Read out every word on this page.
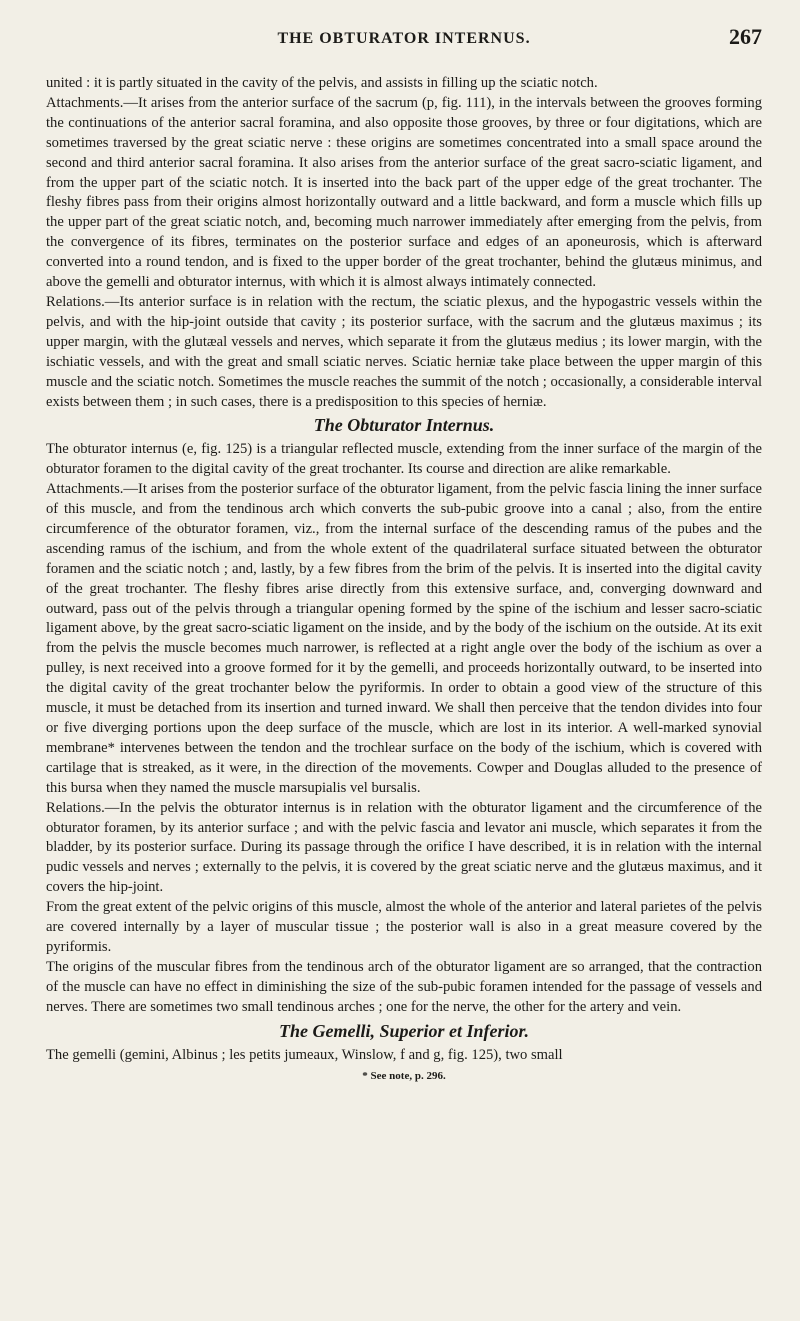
THE OBTURATOR INTERNUS.	267

united : it is partly situated in the cavity of the pelvis, and assists in filling up the sciatic notch.

Attachments.—It arises from the anterior surface of the sacrum (p, fig. 111), in the intervals between the grooves forming the continuations of the anterior sacral foramina, and also opposite those grooves, by three or four digitations, which are sometimes traversed by the great sciatic nerve : these origins are sometimes concentrated into a small space around the second and third anterior sacral foramina. It also arises from the anterior surface of the great sacro-sciatic ligament, and from the upper part of the sciatic notch. It is inserted into the back part of the upper edge of the great trochanter. The fleshy fibres pass from their origins almost horizontally outward and a little backward, and form a muscle which fills up the upper part of the great sciatic notch, and, becoming much narrower immediately after emerging from the pelvis, from the convergence of its fibres, terminates on the posterior surface and edges of an aponeurosis, which is afterward converted into a round tendon, and is fixed to the upper border of the great trochanter, behind the glutæus minimus, and above the gemelli and obturator internus, with which it is almost always intimately connected.

Relations.—Its anterior surface is in relation with the rectum, the sciatic plexus, and the hypogastric vessels within the pelvis, and with the hip-joint outside that cavity ; its posterior surface, with the sacrum and the glutæus maximus ; its upper margin, with the glutæal vessels and nerves, which separate it from the glutæus medius ; its lower margin, with the ischiatic vessels, and with the great and small sciatic nerves. Sciatic herniæ take place between the upper margin of this muscle and the sciatic notch. Sometimes the muscle reaches the summit of the notch ; occasionally, a considerable interval exists between them ; in such cases, there is a predisposition to this species of herniæ.

The Obturator Internus.

The obturator internus (e, fig. 125) is a triangular reflected muscle, extending from the inner surface of the margin of the obturator foramen to the digital cavity of the great trochanter. Its course and direction are alike remarkable.

Attachments.—It arises from the posterior surface of the obturator ligament, from the pelvic fascia lining the inner surface of this muscle, and from the tendinous arch which converts the sub-pubic groove into a canal ; also, from the entire circumference of the obturator foramen, viz., from the internal surface of the descending ramus of the pubes and the ascending ramus of the ischium, and from the whole extent of the quadrilateral surface situated between the obturator foramen and the sciatic notch ; and, lastly, by a few fibres from the brim of the pelvis. It is inserted into the digital cavity of the great trochanter. The fleshy fibres arise directly from this extensive surface, and, converging downward and outward, pass out of the pelvis through a triangular opening formed by the spine of the ischium and lesser sacro-sciatic ligament above, by the great sacro-sciatic ligament on the inside, and by the body of the ischium on the outside. At its exit from the pelvis the muscle becomes much narrower, is reflected at a right angle over the body of the ischium as over a pulley, is next received into a groove formed for it by the gemelli, and proceeds horizontally outward, to be inserted into the digital cavity of the great trochanter below the pyriformis. In order to obtain a good view of the structure of this muscle, it must be detached from its insertion and turned inward. We shall then perceive that the tendon divides into four or five diverging portions upon the deep surface of the muscle, which are lost in its interior. A well-marked synovial membrane* intervenes between the tendon and the trochlear surface on the body of the ischium, which is covered with cartilage that is streaked, as it were, in the direction of the movements. Cowper and Douglas alluded to the presence of this bursa when they named the muscle marsupialis vel bursalis.

Relations.—In the pelvis the obturator internus is in relation with the obturator ligament and the circumference of the obturator foramen, by its anterior surface ; and with the pelvic fascia and levator ani muscle, which separates it from the bladder, by its posterior surface. During its passage through the orifice I have described, it is in relation with the internal pudic vessels and nerves ; externally to the pelvis, it is covered by the great sciatic nerve and the glutæus maximus, and it covers the hip-joint.

From the great extent of the pelvic origins of this muscle, almost the whole of the anterior and lateral parietes of the pelvis are covered internally by a layer of muscular tissue ; the posterior wall is also in a great measure covered by the pyriformis.

The origins of the muscular fibres from the tendinous arch of the obturator ligament are so arranged, that the contraction of the muscle can have no effect in diminishing the size of the sub-pubic foramen intended for the passage of vessels and nerves. There are sometimes two small tendinous arches ; one for the nerve, the other for the artery and vein.

The Gemelli, Superior et Inferior.

The gemelli (gemini, Albinus ; les petits jumeaux, Winslow, f and g, fig. 125), two small

* See note, p. 296.
